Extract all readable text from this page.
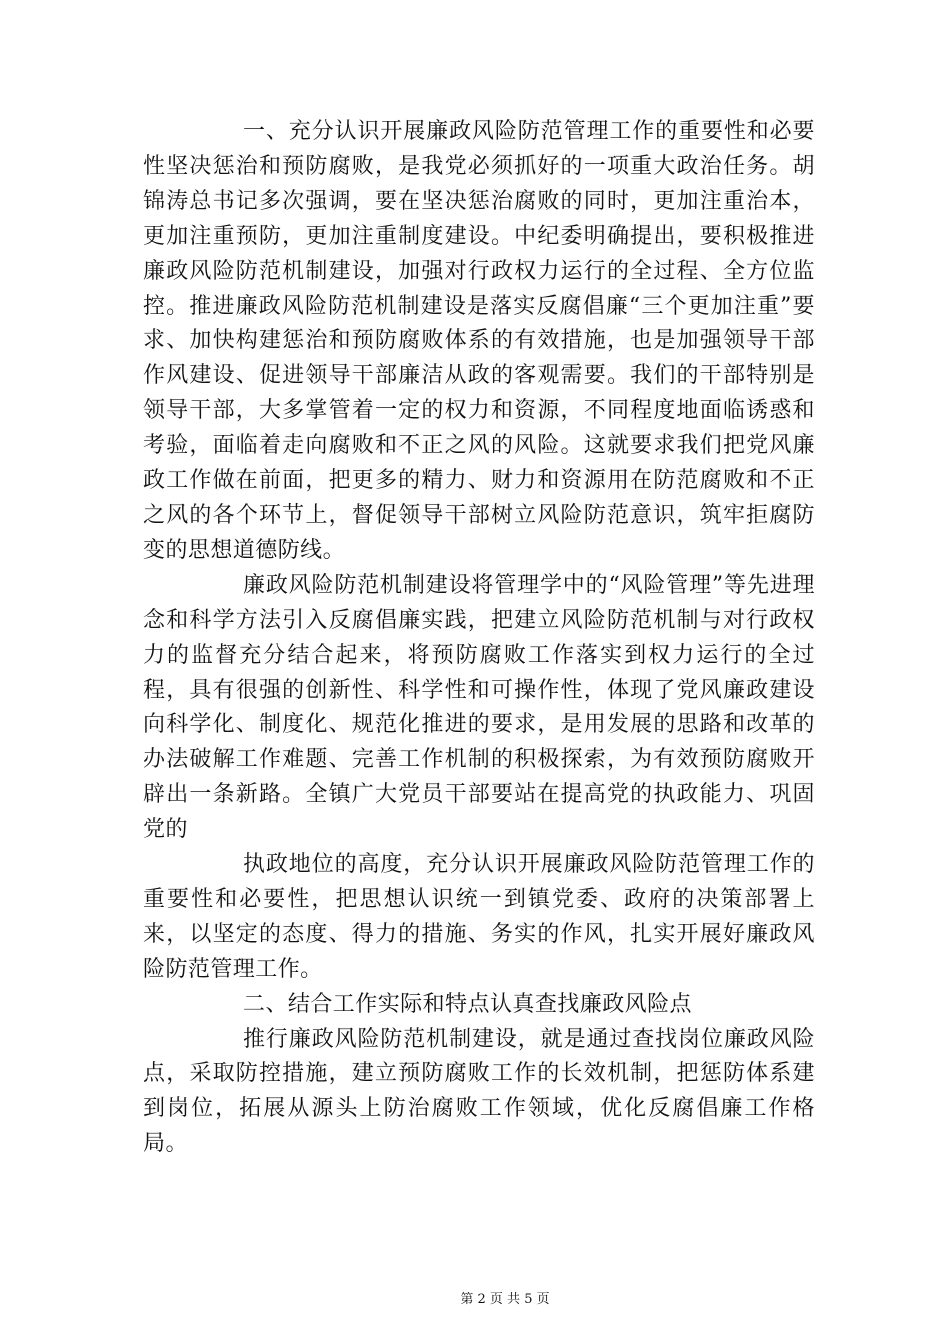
一、充分认识开展廉政风险防范管理工作的重要性和必要性坚决惩治和预防腐败，是我党必须抓好的一项重大政治任务。胡锦涛总书记多次强调，要在坚决惩治腐败的同时，更加注重治本，更加注重预防，更加注重制度建设。中纪委明确提出，要积极推进廉政风险防范机制建设，加强对行政权力运行的全过程、全方位监控。推进廉政风险防范机制建设是落实反腐倡廉“三个更加注重”要求、加快构建惩治和预防腐败体系的有效措施，也是加强领导干部作风建设、促进领导干部廉洁从政的客观需要。我们的干部特别是领导干部，大多掌管着一定的权力和资源，不同程度地面临诱惑和考验，面临着走向腐败和不正之风的风险。这就要求我们把党风廉政工作做在前面，把更多的精力、财力和资源用在防范腐败和不正之风的各个环节上，督促领导干部树立风险防范意识，筑牢拒腐防变的思想道德防线。

廉政风险防范机制建设将管理学中的“风险管理”等先进理念和科学方法引入反腐倡廉实践，把建立风险防范机制与对行政权力的监督充分结合起来，将预防腐败工作落实到权力运行的全过程，具有很强的创新性、科学性和可操作性，体现了党风廉政建设向科学化、制度化、规范化推进的要求，是用发展的思路和改革的办法破解工作难题、完善工作机制的积极探索，为有效预防腐败开辟出一条新路。全镇广大党员干部要站在提高党的执政能力、巩固党的

执政地位的高度，充分认识开展廉政风险防范管理工作的重要性和必要性，把思想认识统一到镇党委、政府的决策部署上来，以坚定的态度、得力的措施、务实的作风，扎实开展好廉政风险防范管理工作。

二、结合工作实际和特点认真查找廉政风险点

推行廉政风险防范机制建设，就是通过查找岗位廉政风险点，采取防控措施，建立预防腐败工作的长效机制，把惩防体系建到岗位，拓展从源头上防治腐败工作领域，优化反腐倡廉工作格局。

第 2 页 共 5 页
